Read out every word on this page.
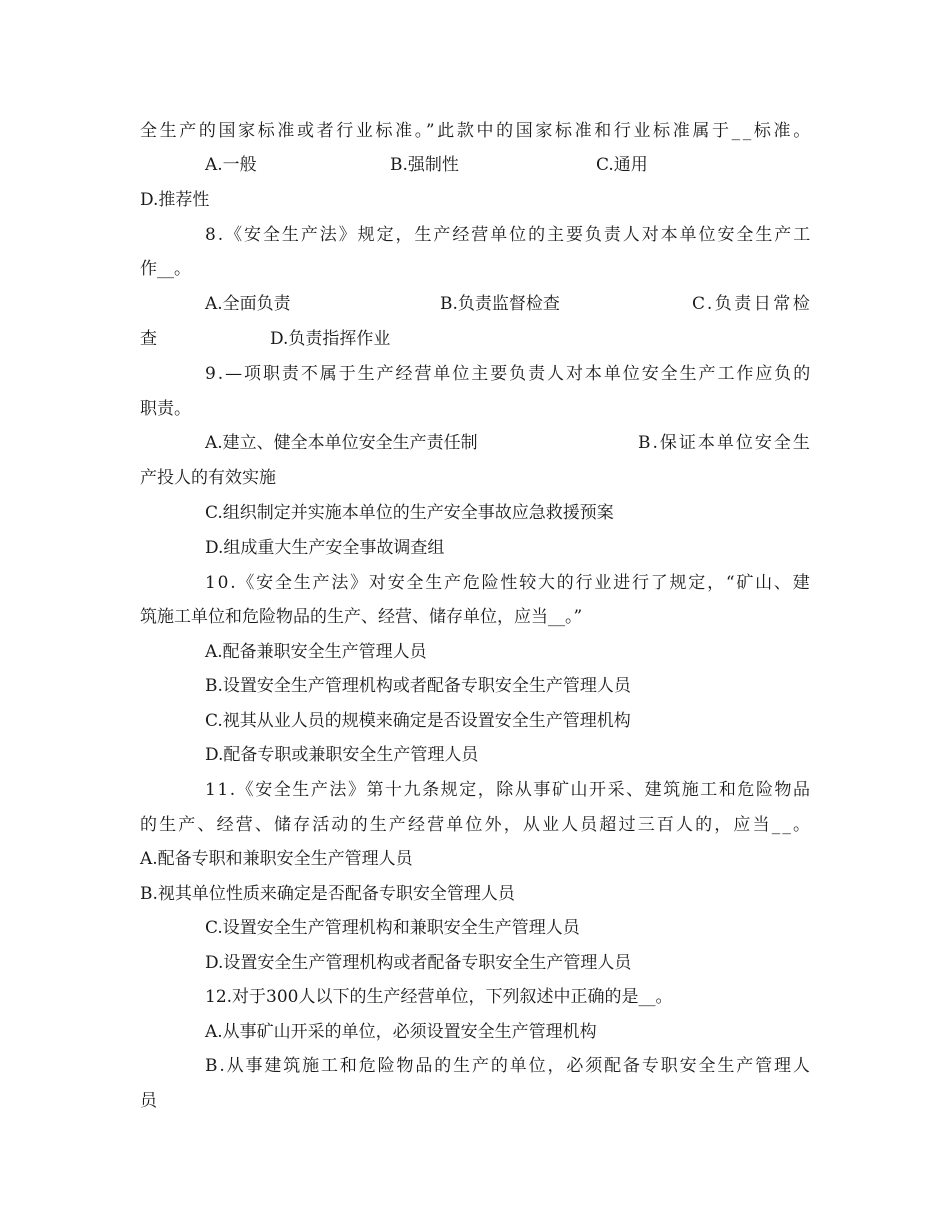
全生产的国家标准或者行业标准。”此款中的国家标准和行业标准属于__标准。
A.一般	B.强制性	C.通用
D.推荐性
8.《安全生产法》规定，生产经营单位的主要负责人对本单位安全生产工
作__。
A.全面负责	B.负责监督检查	C.负责日常检
查	D.负责指挥作业
9.—项职责不属于生产经营单位主要负责人对本单位安全生产工作应负的
职责。
A.建立、健全本单位安全生产责任制	B.保证本单位安全生
产投人的有效实施
C.组织制定并实施本单位的生产安全事故应急救援预案
D.组成重大生产安全事故调查组
10.《安全生产法》对安全生产危险性较大的行业进行了规定，“矿山、建
筑施工单位和危险物品的生产、经营、储存单位，应当__。”
A.配备兼职安全生产管理人员
B.设置安全生产管理机构或者配备专职安全生产管理人员
C.视其从业人员的规模来确定是否设置安全生产管理机构
D.配备专职或兼职安全生产管理人员
11.《安全生产法》第十九条规定，除从事矿山开采、建筑施工和危险物品
的生产、经营、储存活动的生产经营单位外，从业人员超过三百人的，应当__。
A.配备专职和兼职安全生产管理人员
B.视其单位性质来确定是否配备专职安全管理人员
C.设置安全生产管理机构和兼职安全生产管理人员
D.设置安全生产管理机构或者配备专职安全生产管理人员
12.对于300人以下的生产经营单位，下列叙述中正确的是__。
A.从事矿山开采的单位，必须设置安全生产管理机构
B.从事建筑施工和危险物品的生产的单位，必须配备专职安全生产管理人
员
